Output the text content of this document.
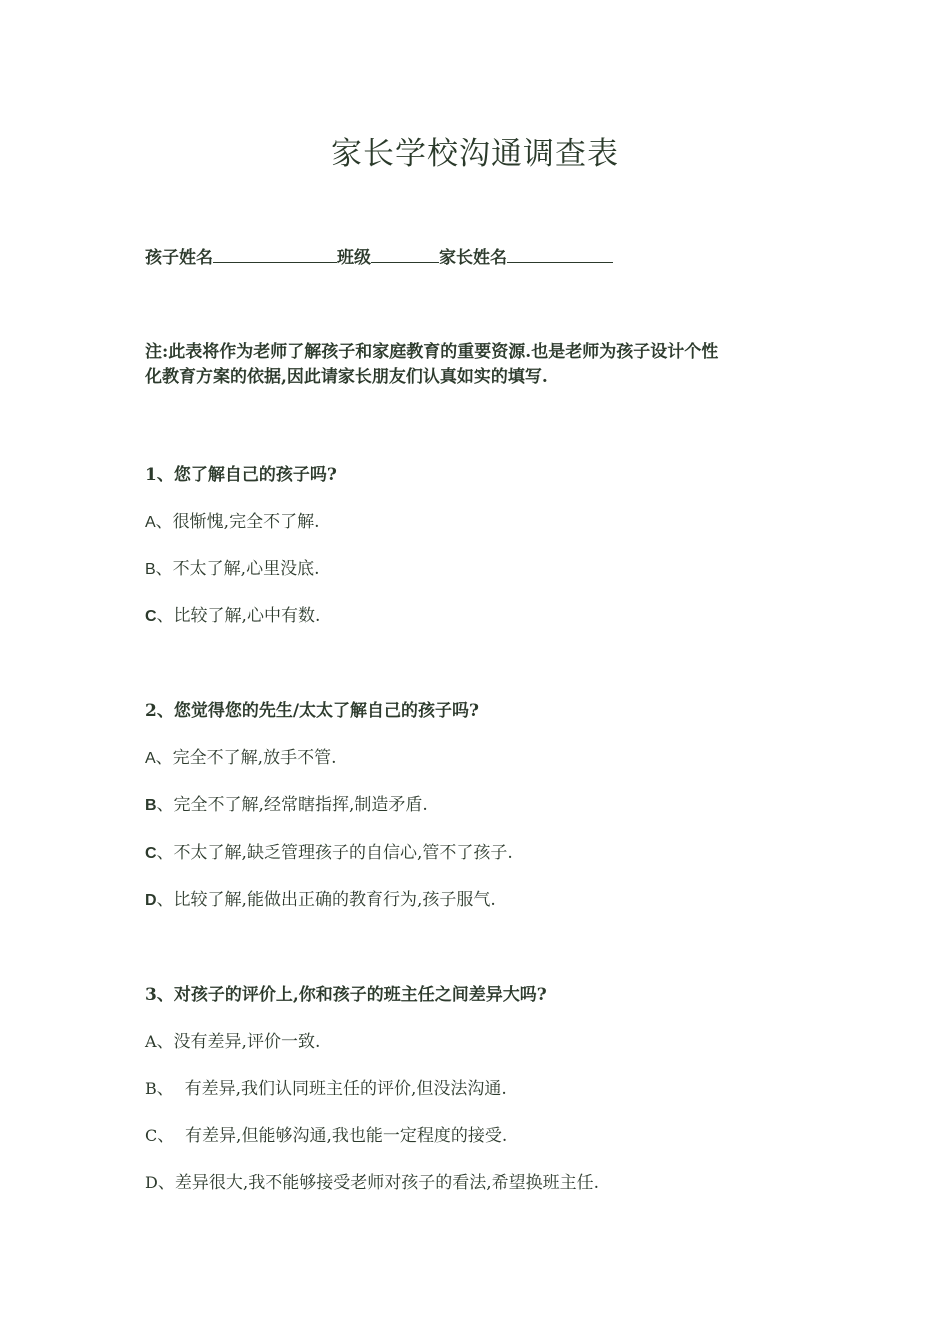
家长学校沟通调查表
孩子姓名	班级	家长姓名
注:此表将作为老师了解孩子和家庭教育的重要资源.也是老师为孩子设计个性
化教育方案的依据,因此请家长朋友们认真如实的填写.
1、您了解自己的孩子吗?
A、很惭愧,完全不了解.
B、不太了解,心里没底.
C、比较了解,心中有数.
2、您觉得您的先生/太太了解自己的孩子吗?
A、完全不了解,放手不管.
B、完全不了解,经常瞎指挥,制造矛盾.
C、不太了解,缺乏管理孩子的自信心,管不了孩子.
D、比较了解,能做出正确的教育行为,孩子服气.
3、对孩子的评价上,你和孩子的班主任之间差异大吗?
A、没有差异,评价一致.
B、  有差异,我们认同班主任的评价,但没法沟通.
C、  有差异,但能够沟通,我也能一定程度的接受.
D、差异很大,我不能够接受老师对孩子的看法,希望换班主任.
